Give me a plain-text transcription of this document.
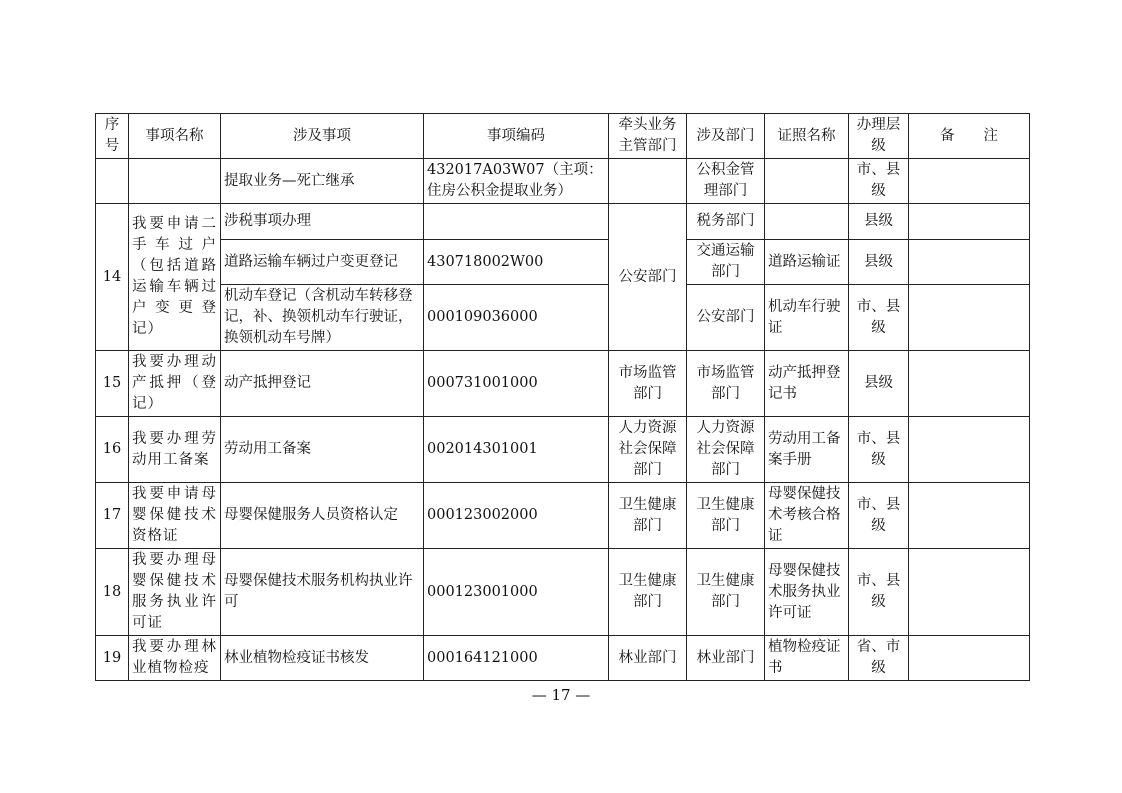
序号	事项名称	涉及事项	事项编码	牵头业务主管部门	涉及部门	证照名称	办理层级	备　　注
		提取业务—死亡继承	432017A03W07（主项：住房公积金提取业务）		公积金管理部门		市、县级	
14	我要申请二手车过户（包括道路运输车辆过户变更登记）	涉税事项办理		公安部门	税务部门		县级	
		道路运输车辆过户变更登记	430718002W00		交通运输部门	道路运输证	县级	
		机动车登记（含机动车转移登记，补、换领机动车行驶证，换领机动车号牌）	000109036000		公安部门	机动车行驶证	市、县级	
15	我要办理动产抵押（登记）	动产抵押登记	000731001000	市场监管部门	市场监管部门	动产抵押登记书	县级	
16	我要办理劳动用工备案	劳动用工备案	002014301001	人力资源社会保障部门	人力资源社会保障部门	劳动用工备案手册	市、县级	
17	我要申请母婴保健技术资格证	母婴保健服务人员资格认定	000123002000	卫生健康部门	卫生健康部门	母婴保健技术考核合格证	市、县级	
18	我要办理母婴保健技术服务执业许可证	母婴保健技术服务机构执业许可	000123001000	卫生健康部门	卫生健康部门	母婴保健技术服务执业许可证	市、县级	
19	我要办理林业植物检疫	林业植物检疫证书核发	000164121000	林业部门	林业部门	植物检疫证书	省、市级	
— 17 —
